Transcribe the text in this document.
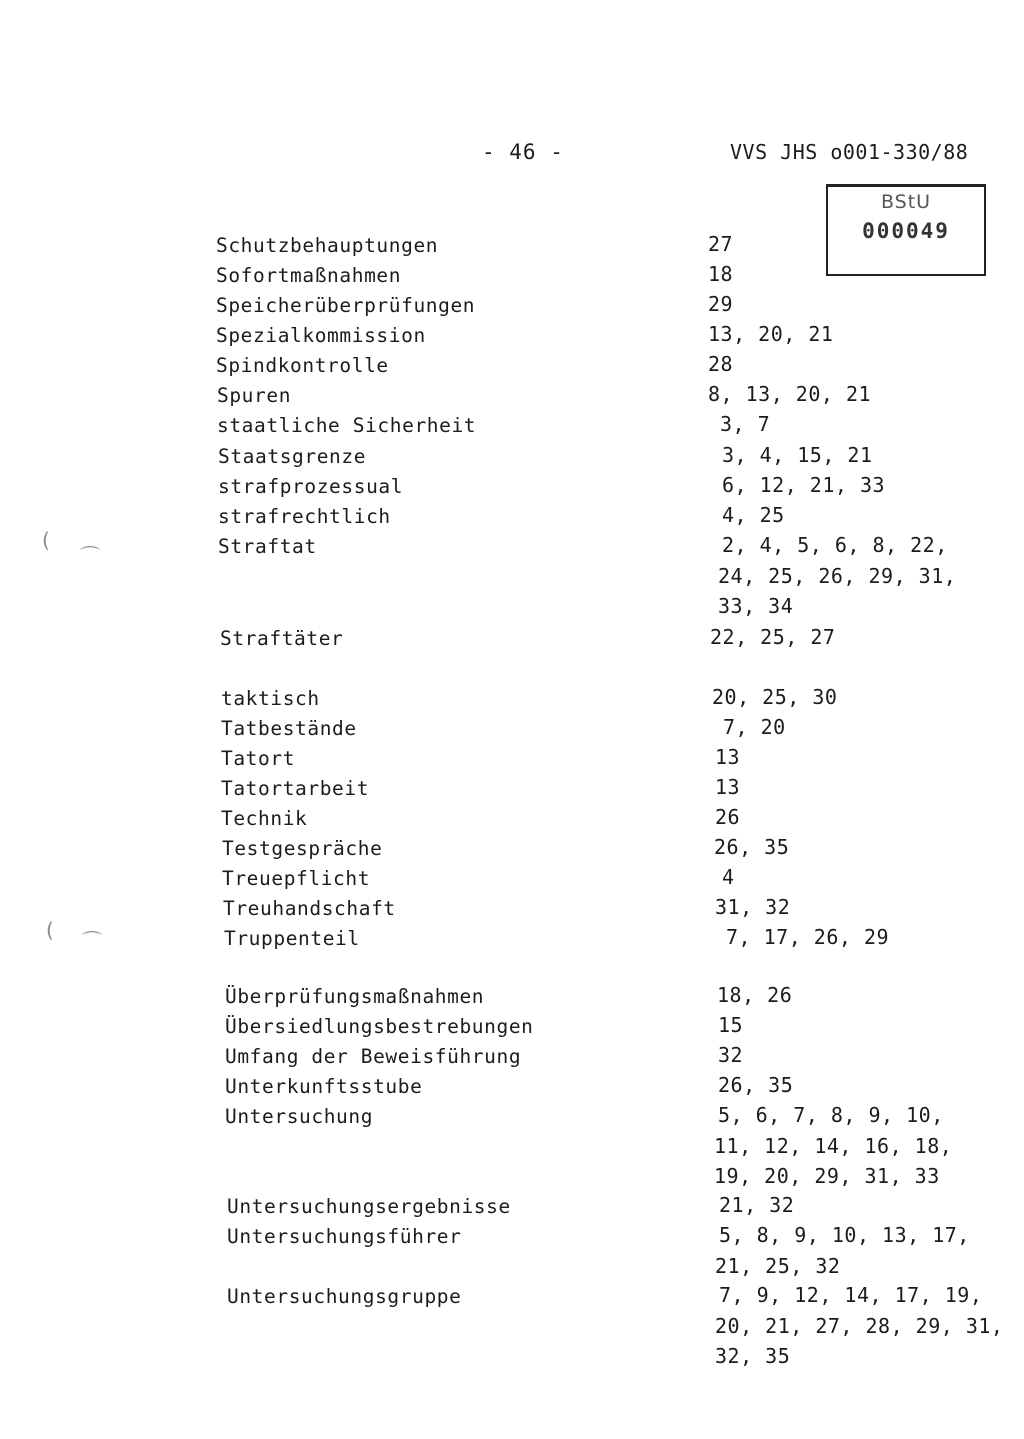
- 46 -	VVS JHS o001-330/88
BStU
000049
Schutzbehauptungen	27
Sofortmaßnahmen	18
Speicherüberprüfungen	29
Spezialkommission	13, 20, 21
Spindkontrolle	28
Spuren	8, 13, 20, 21
staatliche Sicherheit	3, 7
Staatsgrenze	3, 4, 15, 21
strafprozessual	6, 12, 21, 33
strafrechtlich	4, 25
Straftat	2, 4, 5, 6, 8, 22,
24, 25, 26, 29, 31,
33, 34
Straftäter	22, 25, 27
taktisch	20, 25, 30
Tatbestände	7, 20
Tatort	13
Tatortarbeit	13
Technik	26
Testgespräche	26, 35
Treuepflicht	4
Treuhandschaft	31, 32
Truppenteil	7, 17, 26, 29
Überprüfungsmaßnahmen	18, 26
Übersiedlungsbestrebungen	15
Umfang der Beweisführung	32
Unterkunftsstube	26, 35
Untersuchung	5, 6, 7, 8, 9, 10,
11, 12, 14, 16, 18,
19, 20, 29, 31, 33
Untersuchungsergebnisse	21, 32
Untersuchungsführer	5, 8, 9, 10, 13, 17,
21, 25, 32
Untersuchungsgruppe	7, 9, 12, 14, 17, 19,
20, 21, 27, 28, 29, 31,
32, 35
(
⌒
( ⌒
